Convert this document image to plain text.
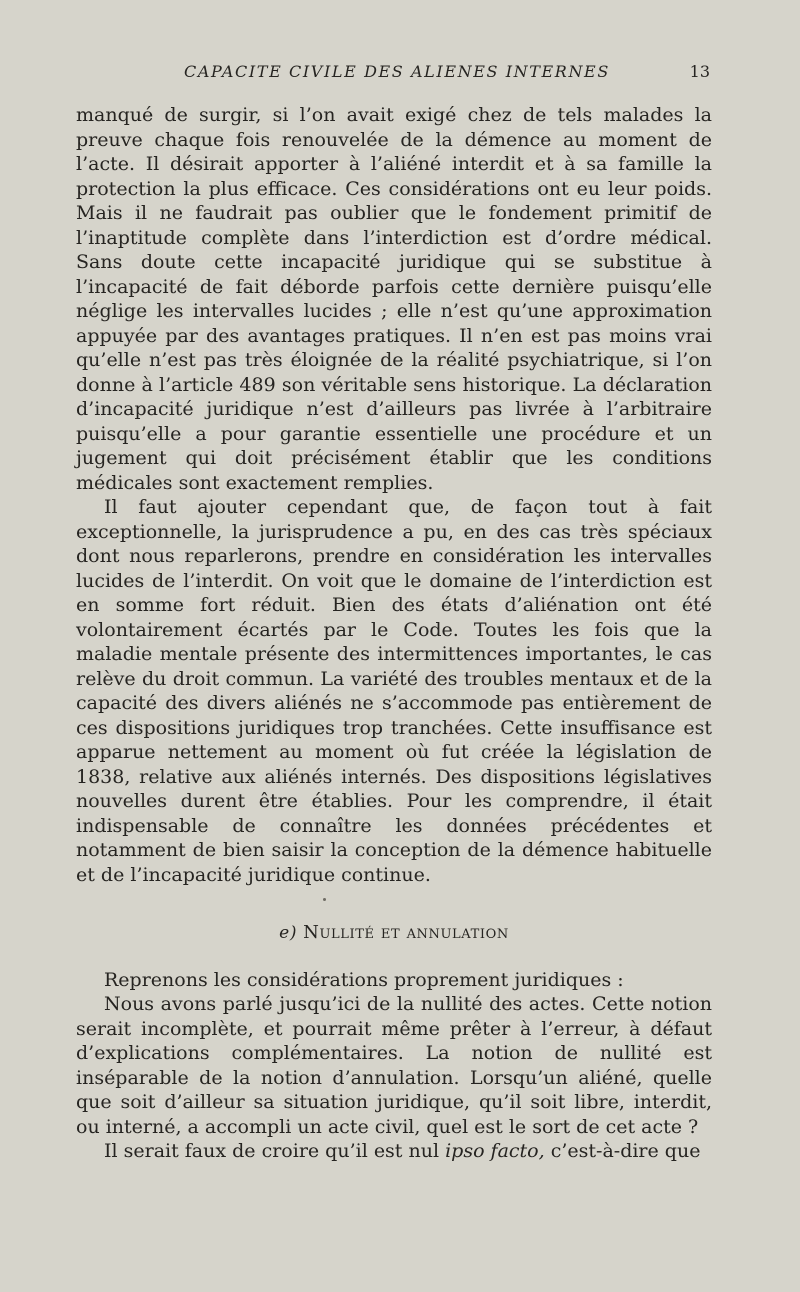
CAPACITE CIVILE DES ALIENES INTERNES	13

manqué de surgir, si l’on avait exigé chez de tels malades la preuve chaque fois renouvelée de la démence au moment de l’acte. Il désirait apporter à l’aliéné interdit et à sa famille la protection la plus efficace. Ces considérations ont eu leur poids. Mais il ne faudrait pas oublier que le fondement primitif de l’inaptitude complète dans l’interdiction est d’ordre médical. Sans doute cette incapacité juridique qui se substitue à l’incapacité de fait déborde parfois cette dernière puisqu’elle néglige les intervalles lucides ; elle n’est qu’une approximation appuyée par des avantages pratiques. Il n’en est pas moins vrai qu’elle n’est pas très éloignée de la réalité psychiatrique, si l’on donne à l’article 489 son véritable sens historique. La déclaration d’incapacité juridique n’est d’ailleurs pas livrée à l’arbitraire puisqu’elle a pour garantie essentielle une procédure et un jugement qui doit précisément établir que les conditions médicales sont exactement remplies.

Il faut ajouter cependant que, de façon tout à fait exceptionnelle, la jurisprudence a pu, en des cas très spéciaux dont nous reparlerons, prendre en considération les intervalles lucides de l’interdit. On voit que le domaine de l’interdiction est en somme fort réduit. Bien des états d’aliénation ont été volontairement écartés par le Code. Toutes les fois que la maladie mentale présente des intermittences importantes, le cas relève du droit commun. La variété des troubles mentaux et de la capacité des divers aliénés ne s’accommode pas entièrement de ces dispositions juridiques trop tranchées. Cette insuffisance est apparue nettement au moment où fut créée la législation de 1838, relative aux aliénés internés. Des dispositions législatives nouvelles durent être établies. Pour les comprendre, il était indispensable de connaître les données précédentes et notamment de bien saisir la conception de la démence habituelle et de l’incapacité juridique continue.

e) Nullité et annulation

Reprenons les considérations proprement juridiques :

Nous avons parlé jusqu’ici de la nullité des actes. Cette notion serait incomplète, et pourrait même prêter à l’erreur, à défaut d’explications complémentaires. La notion de nullité est inséparable de la notion d’annulation. Lorsqu’un aliéné, quelle que soit d’ailleur sa situation juridique, qu’il soit libre, interdit, ou interné, a accompli un acte civil, quel est le sort de cet acte ?

Il serait faux de croire qu’il est nul ipso facto, c’est-à-dire que
